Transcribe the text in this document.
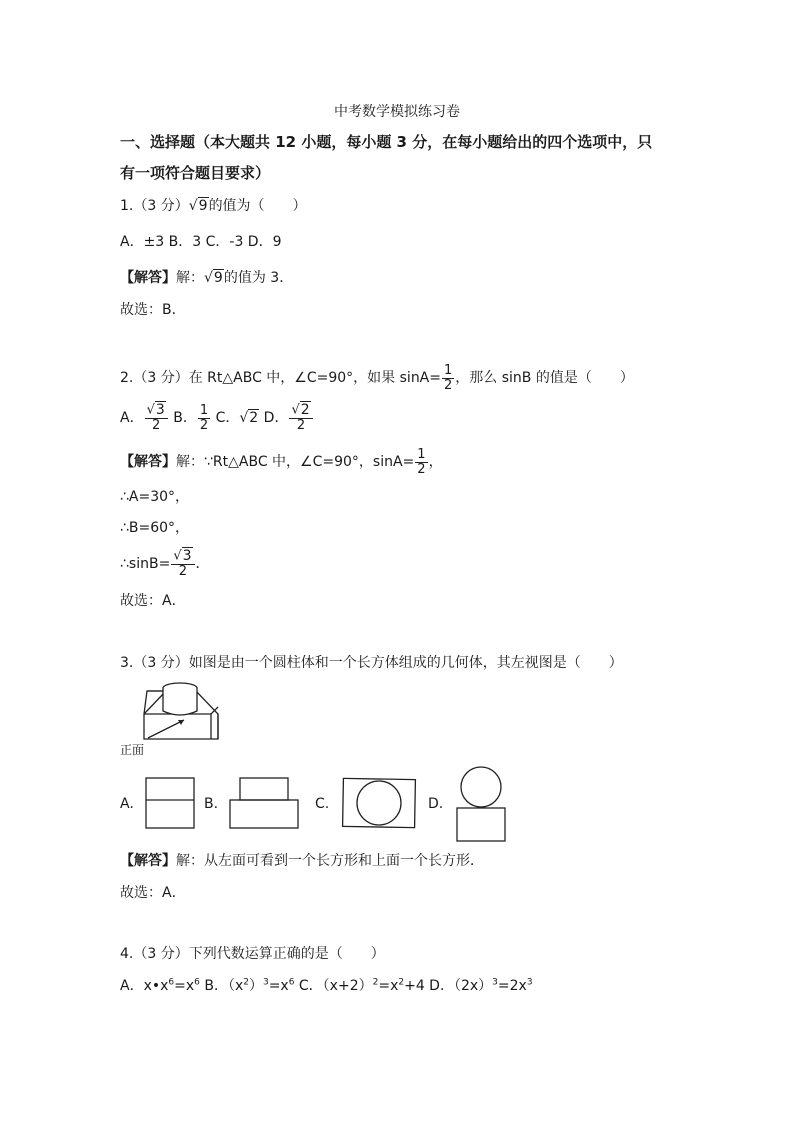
中考数学模拟练习卷
一、选择题（本大题共 12 小题，每小题 3 分，在每小题给出的四个选项中，只
有一项符合题目要求）
1.（3 分）√9的值为（　　）
A．±3 B．3 C．-3 D．9
【解答】解：√9的值为 3．
故选：B．
2.（3 分）在 Rt△ABC 中，∠C=90°，如果 $\sin A= \frac{1}{2}$ ，那么 sinB 的值是（　　）
A． $\frac{√3}{2}$ B． $\frac{1}{2}$ C．√2 D． $\frac{√2}{2}$
【解答】解：∵Rt△ABC 中，∠C=90°，$\sin A= \frac{1}{2}$ ，
∴A=30°，
∴B=60°，
∴sinB= $\frac{√3}{2}$ ．
故选：A．
3.（3 分）如图是由一个圆柱体和一个长方体组成的几何体，其左视图是（　　）
正面
A.	B.	C.	D.
【解答】解：从左面可看到一个长方形和上面一个长方形．
故选：A．
4.（3 分）下列代数运算正确的是（　　）
A．$x•x^6=x^6$ B．$(x^2)^3=x^6$ C．$(x+2)^2=x^2+4$ D．$(2x)^3=2x^3$
